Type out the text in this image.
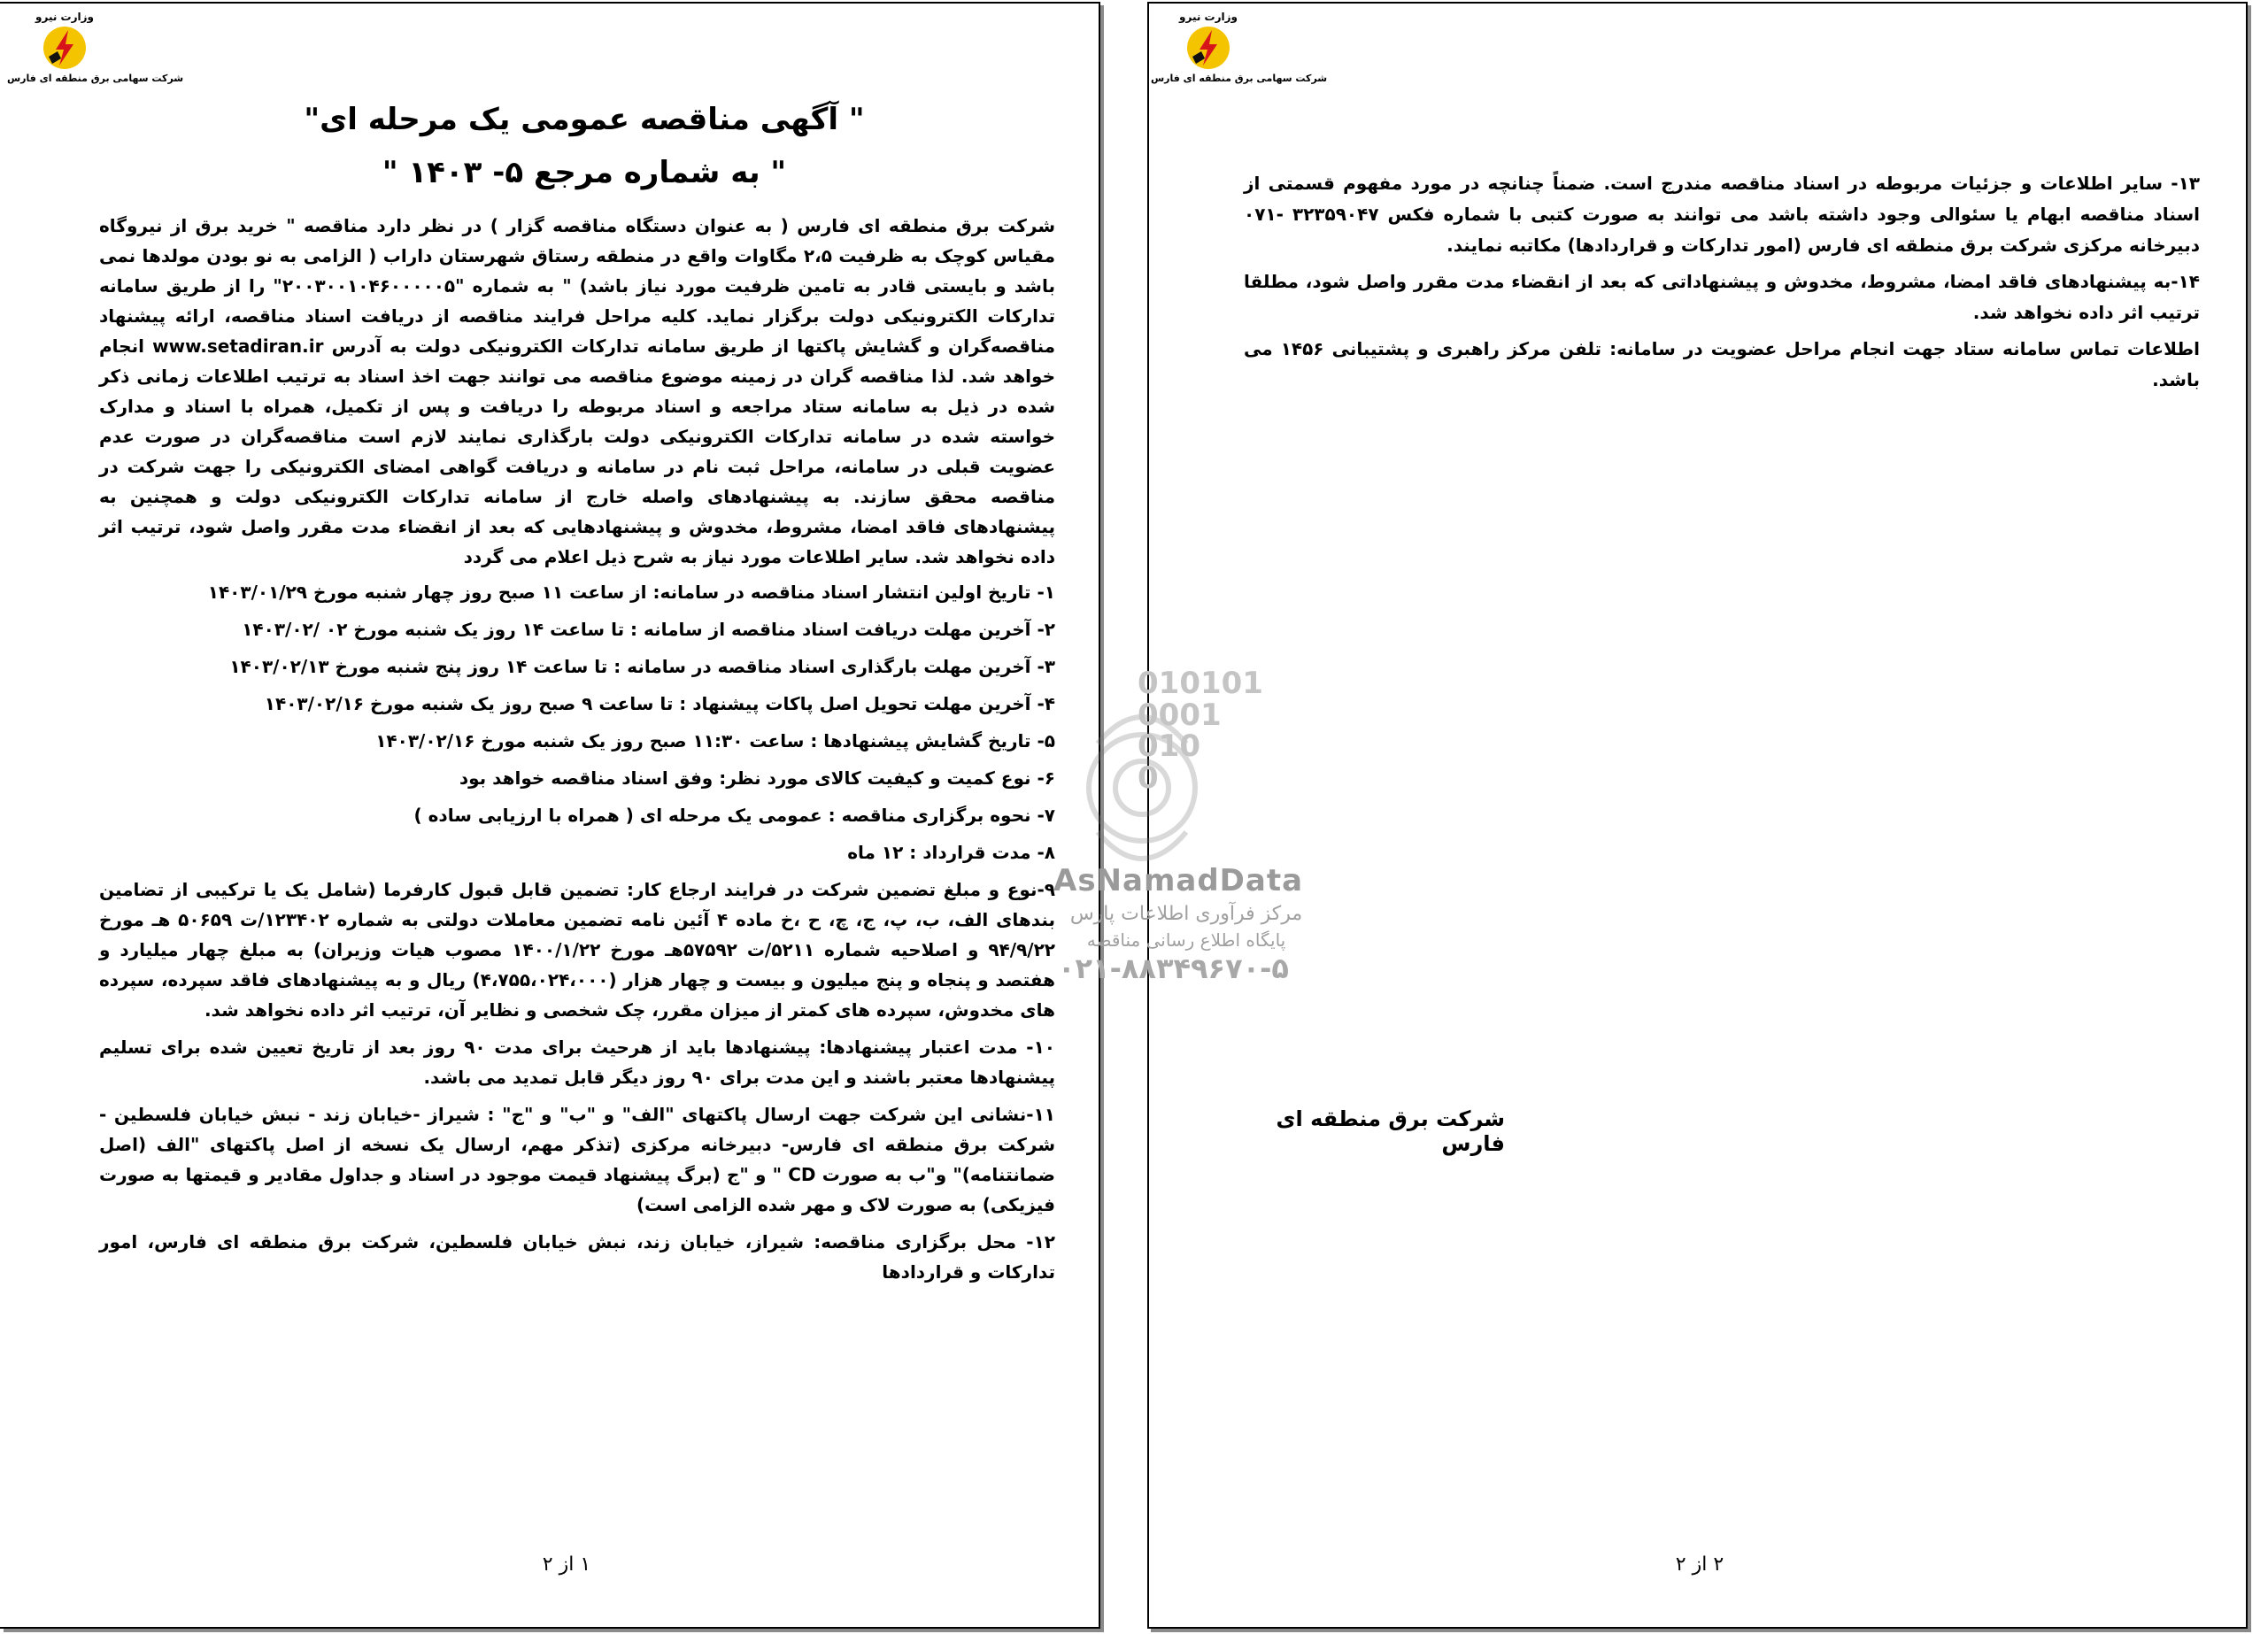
وزارت نیرو
شرکت سهامی برق منطقه ای فارس
وزارت نیرو
شرکت سهامی برق منطقه ای فارس
" آگهی مناقصه عمومی یک مرحله ای"
" به شماره مرجع ۵- ۱۴۰۳ "

شرکت برق منطقه ای فارس ( به عنوان دستگاه مناقصه گزار ) در نظر دارد مناقصه " خرید برق از نیروگاه مقیاس کوچک به ظرفیت ۲،۵ مگاوات واقع در منطقه رستاق شهرستان داراب ( الزامی به نو بودن مولدها نمی باشد و بایستی قادر به تامین ظرفیت مورد نیاز باشد) " به شماره "۲۰۰۳۰۰۱۰۴۶۰۰۰۰۰۵" را از طریق سامانه تدارکات الکترونیکی دولت برگزار نماید. کلیه مراحل فرایند مناقصه از دریافت اسناد مناقصه، ارائه پیشنهاد مناقصه‌گران و گشایش پاکتها از طریق سامانه تدارکات الکترونیکی دولت به آدرس www.setadiran.ir انجام خواهد شد. لذا مناقصه گران در زمینه موضوع مناقصه می توانند جهت اخذ اسناد به ترتیب اطلاعات زمانی ذکر شده در ذیل به سامانه ستاد مراجعه و اسناد مربوطه را دریافت و پس از تکمیل، همراه با اسناد و مدارک خواسته شده در سامانه تدارکات الکترونیکی دولت بارگذاری نمایند لازم است مناقصه‌گران در صورت عدم عضویت قبلی در سامانه، مراحل ثبت نام در سامانه و دریافت گواهی امضای الکترونیکی را جهت شرکت در مناقصه محقق سازند. به پیشنهادهای واصله خارج از سامانه تدارکات الکترونیکی دولت و همچنین به پیشنهادهای فاقد امضا، مشروط، مخدوش و پیشنهادهایی که بعد از انقضاء مدت مقرر واصل شود، ترتیب اثر داده نخواهد شد. سایر اطلاعات مورد نیاز به شرح ذیل اعلام می گردد

۱- تاریخ اولین انتشار اسناد مناقصه در سامانه: از ساعت ۱۱ صبح روز چهار شنبه مورخ ۱۴۰۳/۰۱/۲۹
۲- آخرین مهلت دریافت اسناد مناقصه از سامانه : تا ساعت ۱۴ روز یک شنبه مورخ ۰۲ /۱۴۰۳/۰۲
۳- آخرین مهلت بارگذاری اسناد مناقصه در سامانه : تا ساعت ۱۴ روز پنج شنبه مورخ ۱۴۰۳/۰۲/۱۳
۴- آخرین مهلت تحویل اصل پاکات پیشنهاد : تا ساعت ۹ صبح روز یک شنبه مورخ ۱۴۰۳/۰۲/۱۶
۵- تاریخ گشایش پیشنهادها : ساعت ۱۱:۳۰ صبح روز یک شنبه مورخ ۱۴۰۳/۰۲/۱۶
۶- نوع کمیت و کیفیت کالای مورد نظر: وفق اسناد مناقصه خواهد بود
۷- نحوه برگزاری مناقصه : عمومی یک مرحله ای ( همراه با ارزیابی ساده )
۸- مدت قرارداد : ۱۲ ماه
۹-نوع و مبلغ تضمین شرکت در فرایند ارجاع کار: تضمین قابل قبول کارفرما (شامل یک یا ترکیبی از تضامین بندهای الف، ب، پ، ج، چ، ح ،خ ماده ۴ آئین نامه تضمین معاملات دولتی به شماره ۱۲۳۴۰۲/ت ۵۰۶۵۹ هـ مورخ ۹۴/۹/۲۲ و اصلاحیه شماره ۵۲۱۱/ت ۵۷۵۹۲هـ مورخ ۱۴۰۰/۱/۲۲ مصوب هیات وزیران) به مبلغ چهار میلیارد و هفتصد و پنجاه و پنج میلیون و بیست و چهار هزار (۴،۷۵۵،۰۲۴،۰۰۰) ریال و به پیشنهادهای فاقد سپرده، سپرده های مخدوش، سپرده های کمتر از میزان مقرر، چک شخصی و نظایر آن، ترتیب اثر داده نخواهد شد.
۱۰- مدت اعتبار پیشنهادها: پیشنهادها باید از هرحیث برای مدت ۹۰ روز بعد از تاریخ تعیین شده برای تسلیم پیشنهادها معتبر باشند و این مدت برای ۹۰ روز دیگر قابل تمدید می باشد.
۱۱-نشانی این شرکت جهت ارسال پاکتهای "الف" و "ب" و "ج" : شیراز -خیابان زند - نبش خیابان فلسطین - شرکت برق منطقه ای فارس- دبیرخانه مرکزی (تذکر مهم، ارسال یک نسخه از اصل پاکتهای "الف (اصل ضمانتنامه)" و"ب به صورت CD " و "ج (برگ پیشنهاد قیمت موجود در اسناد و جداول مقادیر و قیمتها به صورت فیزیکی) به صورت لاک و مهر شده الزامی است)
۱۲- محل برگزاری مناقصه: شیراز، خیابان زند، نبش خیابان فلسطین، شرکت برق منطقه ای فارس، امور تدارکات و قراردادها
۱ از ۲

۱۳- سایر اطلاعات و جزئیات مربوطه در اسناد مناقصه مندرج است. ضمناً چنانچه در مورد مفهوم قسمتی از اسناد مناقصه ابهام یا سئوالی وجود داشته باشد می توانند به صورت کتبی با شماره فکس ۳۲۳۵۹۰۴۷ -۰۷۱ دبیرخانه مرکزی شرکت برق منطقه ای فارس (امور تدارکات و قراردادها) مکاتبه نمایند.

۱۴-به پیشنهادهای فاقد امضا، مشروط، مخدوش و پیشنهاداتی که بعد از انقضاء مدت مقرر واصل شود، مطلقا ترتیب اثر داده نخواهد شد.

اطلاعات تماس سامانه ستاد جهت انجام مراحل عضویت در سامانه: تلفن مرکز راهبری و پشتیبانی ۱۴۵۶ می باشد.

شرکت برق منطقه ای فارس
۲ از ۲
010101
0001
010
0
AsNamadData
مرکز فرآوری اطلاعات پارس
پایگاه اطلاع رسانی مناقصه
۰۲۱-۸۸۳۴۹۶۷۰-۵
